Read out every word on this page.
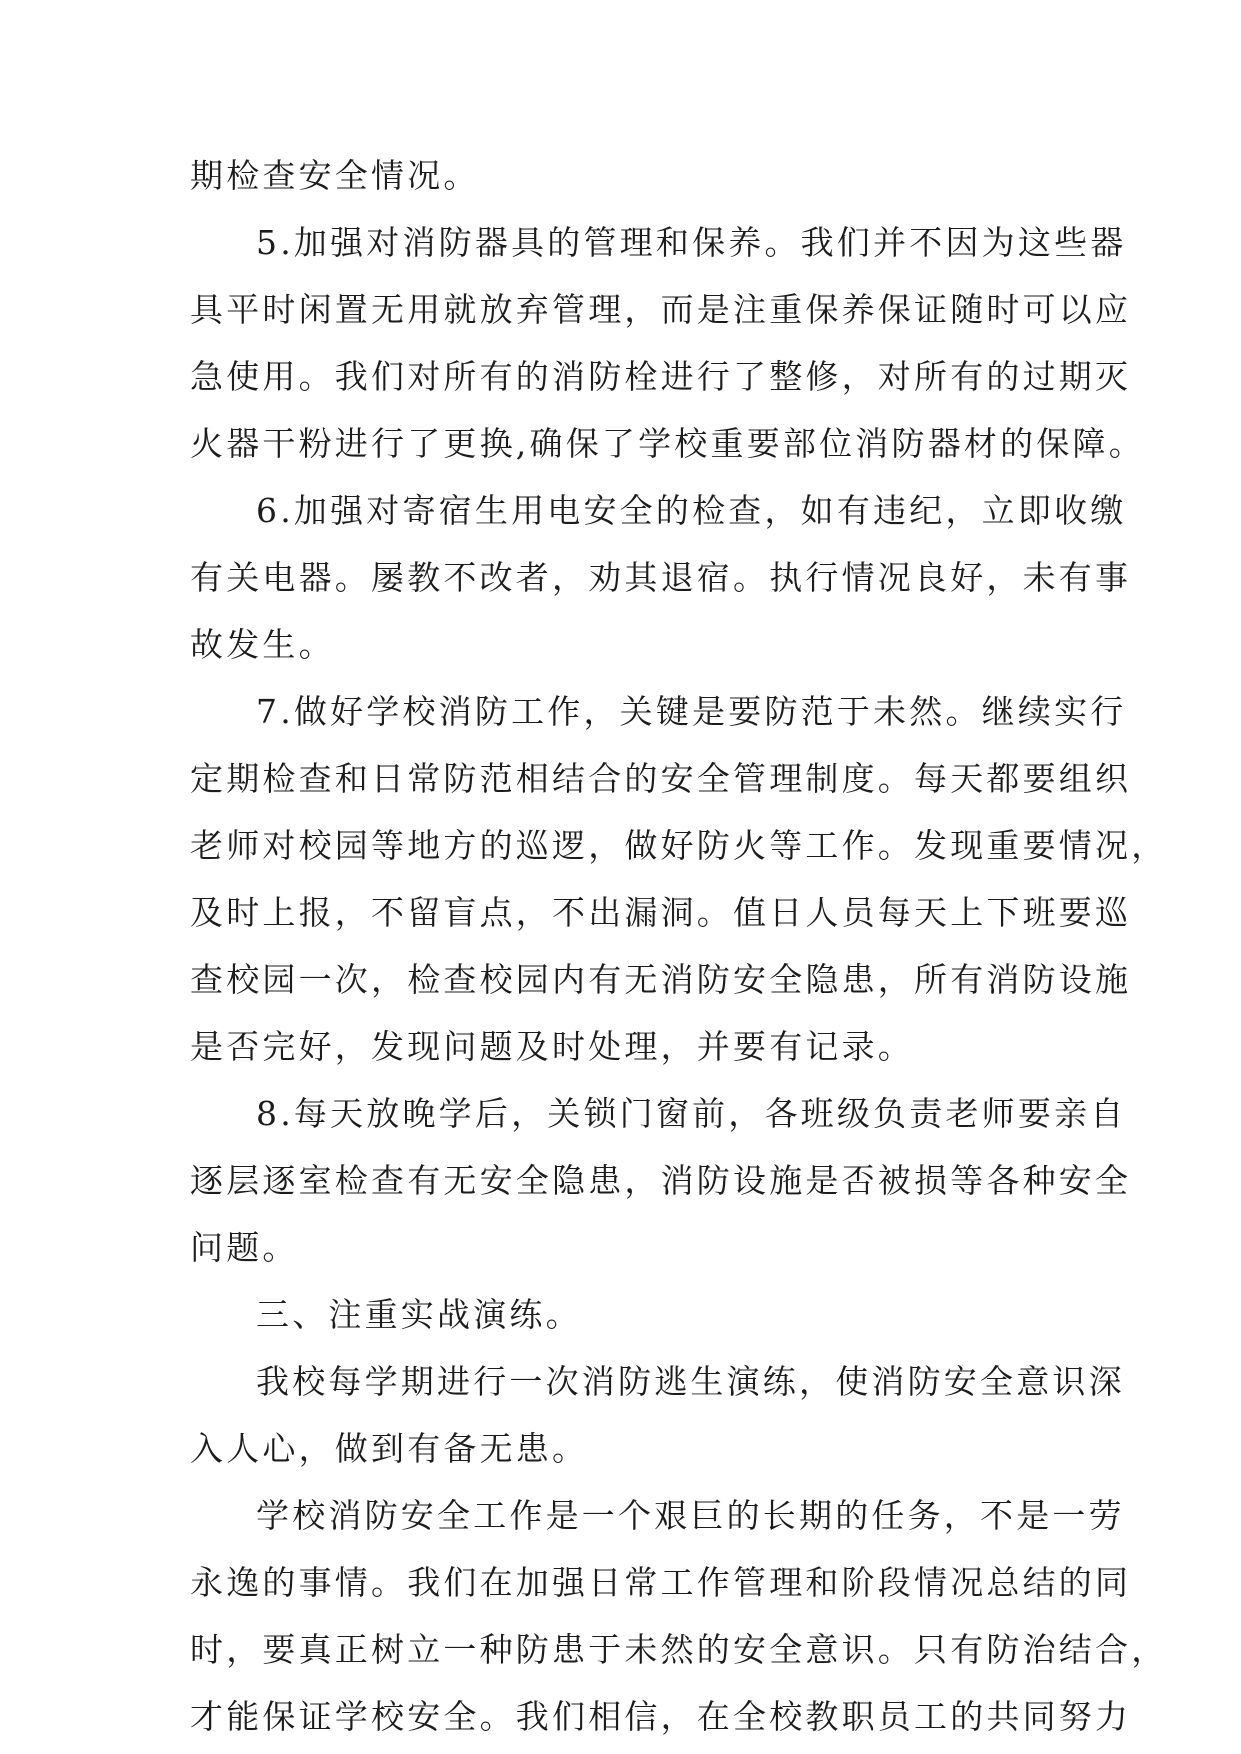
期检查安全情况。
5.加强对消防器具的管理和保养。我们并不因为这些器
具平时闲置无用就放弃管理，而是注重保养保证随时可以应
急使用。我们对所有的消防栓进行了整修，对所有的过期灭
火器干粉进行了更换,确保了学校重要部位消防器材的保障。
6.加强对寄宿生用电安全的检查，如有违纪，立即收缴
有关电器。屡教不改者，劝其退宿。执行情况良好，未有事
故发生。
7.做好学校消防工作，关键是要防范于未然。继续实行
定期检查和日常防范相结合的安全管理制度。每天都要组织
老师对校园等地方的巡逻，做好防火等工作。发现重要情况，
及时上报，不留盲点，不出漏洞。值日人员每天上下班要巡
查校园一次，检查校园内有无消防安全隐患，所有消防设施
是否完好，发现问题及时处理，并要有记录。
8.每天放晚学后，关锁门窗前，各班级负责老师要亲自
逐层逐室检查有无安全隐患，消防设施是否被损等各种安全
问题。
三、注重实战演练。
我校每学期进行一次消防逃生演练，使消防安全意识深
入人心，做到有备无患。
学校消防安全工作是一个艰巨的长期的任务，不是一劳
永逸的事情。我们在加强日常工作管理和阶段情况总结的同
时，要真正树立一种防患于未然的安全意识。只有防治结合，
才能保证学校安全。我们相信，在全校教职员工的共同努力
